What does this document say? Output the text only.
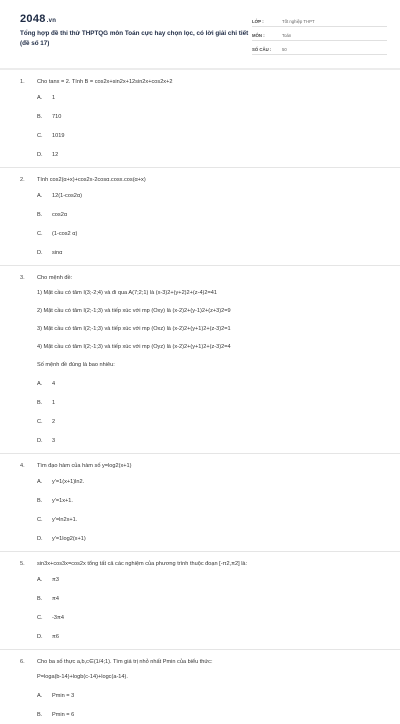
2048.vn
Tổng hợp đề thi thử THPTQG môn Toán cực hay chọn lọc, có lời giải chi tiết (đề số 17)
LỚP :	Tốt nghiệp THPT
MÔN :	Toán
SỐ CÂU :	50
1.	Cho tanx = 2. Tính B = cos2x+sin2x+12sin2x+cos2x+2
A.	1
B.	710
C.	1019
D.	12
2.	Tính cos2(α+x)+cos2x-2cosα.cosx.cos(α+x)
A.	12(1-cos2α)
B.	cos2α
C.	(1-cos2 α)
D.	sinα
3.	Cho mệnh đề:
1) Mặt cầu có tâm I(3;-2;4) và đi qua A(7;2;1) là (x-3)2+(y+2)2+(z-4)2=41
2) Mặt cầu có tâm I(2;-1;3) và tiếp xúc với mp (Oxy) là (x-2)2+(y-1)2+(z+3)2=9
3) Mặt cầu có tâm I(2;-1;3) và tiếp xúc với mp (Oxz) là (x-2)2+(y+1)2+(z-3)2=1
4) Mặt cầu có tâm I(2;-1;3) và tiếp xúc với mp (Oyz) là (x-2)2+(y+1)2+(z-3)2=4
Số mệnh đề đúng là bao nhiêu:
A.	4
B.	1
C.	2
D.	3
4.	Tìm đạo hàm của hàm số y=log2(x+1)
A.	y'=1(x+1)ln2.
B.	y'=1x+1.
C.	y'=ln2x+1.
D.	y'=1log2(x+1)
5.	sin3x+cos3x=cos2x tổng tất cả các nghiệm của phương trình thuộc đoạn [-π2,π2] là:
A.	π3
B.	π4
C.	-3π4
D.	π6
6.	Cho ba số thực a,b,c∈(1/4;1). Tìm giá trị nhỏ nhất Pmin của biểu thức:
P=loga(b-14)+logb(c-14)+logc(a-14).
A.	Pmin = 3
B.	Pmin = 6
